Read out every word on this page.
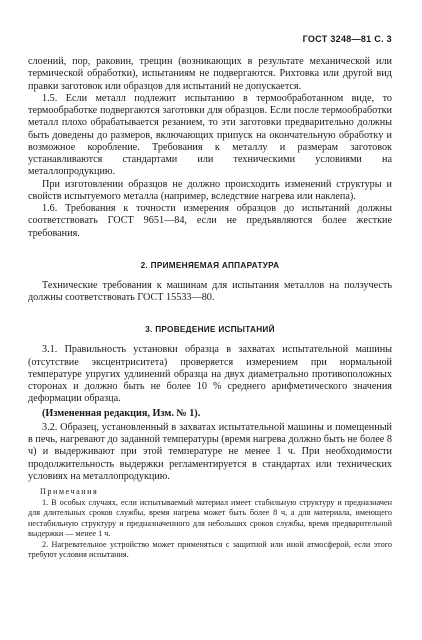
ГОСТ 3248—81 С. 3

слоений, пор, раковин, трещин (возникающих в результате механической или термической обработки), испытаниям не подвергаются. Рихтовка или другой вид правки заготовок или образцов для испытаний не допускается.

1.5. Если металл подлежит испытанию в термообработанном виде, то термообработке подвергаются заготовки для образцов. Если после термообработки металл плохо обрабатывается резанием, то эти заготовки предварительно должны быть доведены до размеров, включающих припуск на окончательную обработку и возможное коробление. Требования к металлу и размерам заготовок устанавливаются стандартами или техническими условиями на металлопродукцию.

При изготовлении образцов не должно происходить изменений структуры и свойств испытуемого металла (например, вследствие нагрева или наклепа).

1.6. Требования к точности измерения образцов до испытаний должны соответствовать ГОСТ 9651—84, если не предъявляются более жесткие требования.

2. ПРИМЕНЯЕМАЯ АППАРАТУРА

Технические требования к машинам для испытания металлов на ползучесть должны соответствовать ГОСТ 15533—80.

3. ПРОВЕДЕНИЕ ИСПЫТАНИЙ

3.1. Правильность установки образца в захватах испытательной машины (отсутствие эксцентриситета) проверяется измерением при нормальной температуре упругих удлинений образца на двух диаметрально противоположных сторонах и должно быть не более 10 % среднего арифметического значения деформации образца.

(Измененная редакция, Изм. № 1).

3.2. Образец, установленный в захватах испытательной машины и помещенный в печь, нагревают до заданной температуры (время нагрева должно быть не более 8 ч) и выдерживают при этой температуре не менее 1 ч. При необходимости продолжительность выдержки регламентируется в стандартах или технических условиях на металлопродукцию.

Примечания

1. В особых случаях, если испытываемый материал имеет стабильную структуру и предназначен для длительных сроков службы, время нагрева может быть более 8 ч, а для материала, имеющего нестабильную структуру и предназначенного для небольших сроков службы, время предварительной выдержки — менее 1 ч.

2. Нагревательное устройство может применяться с защитной или иной атмосферой, если этого требуют условия испытания.
